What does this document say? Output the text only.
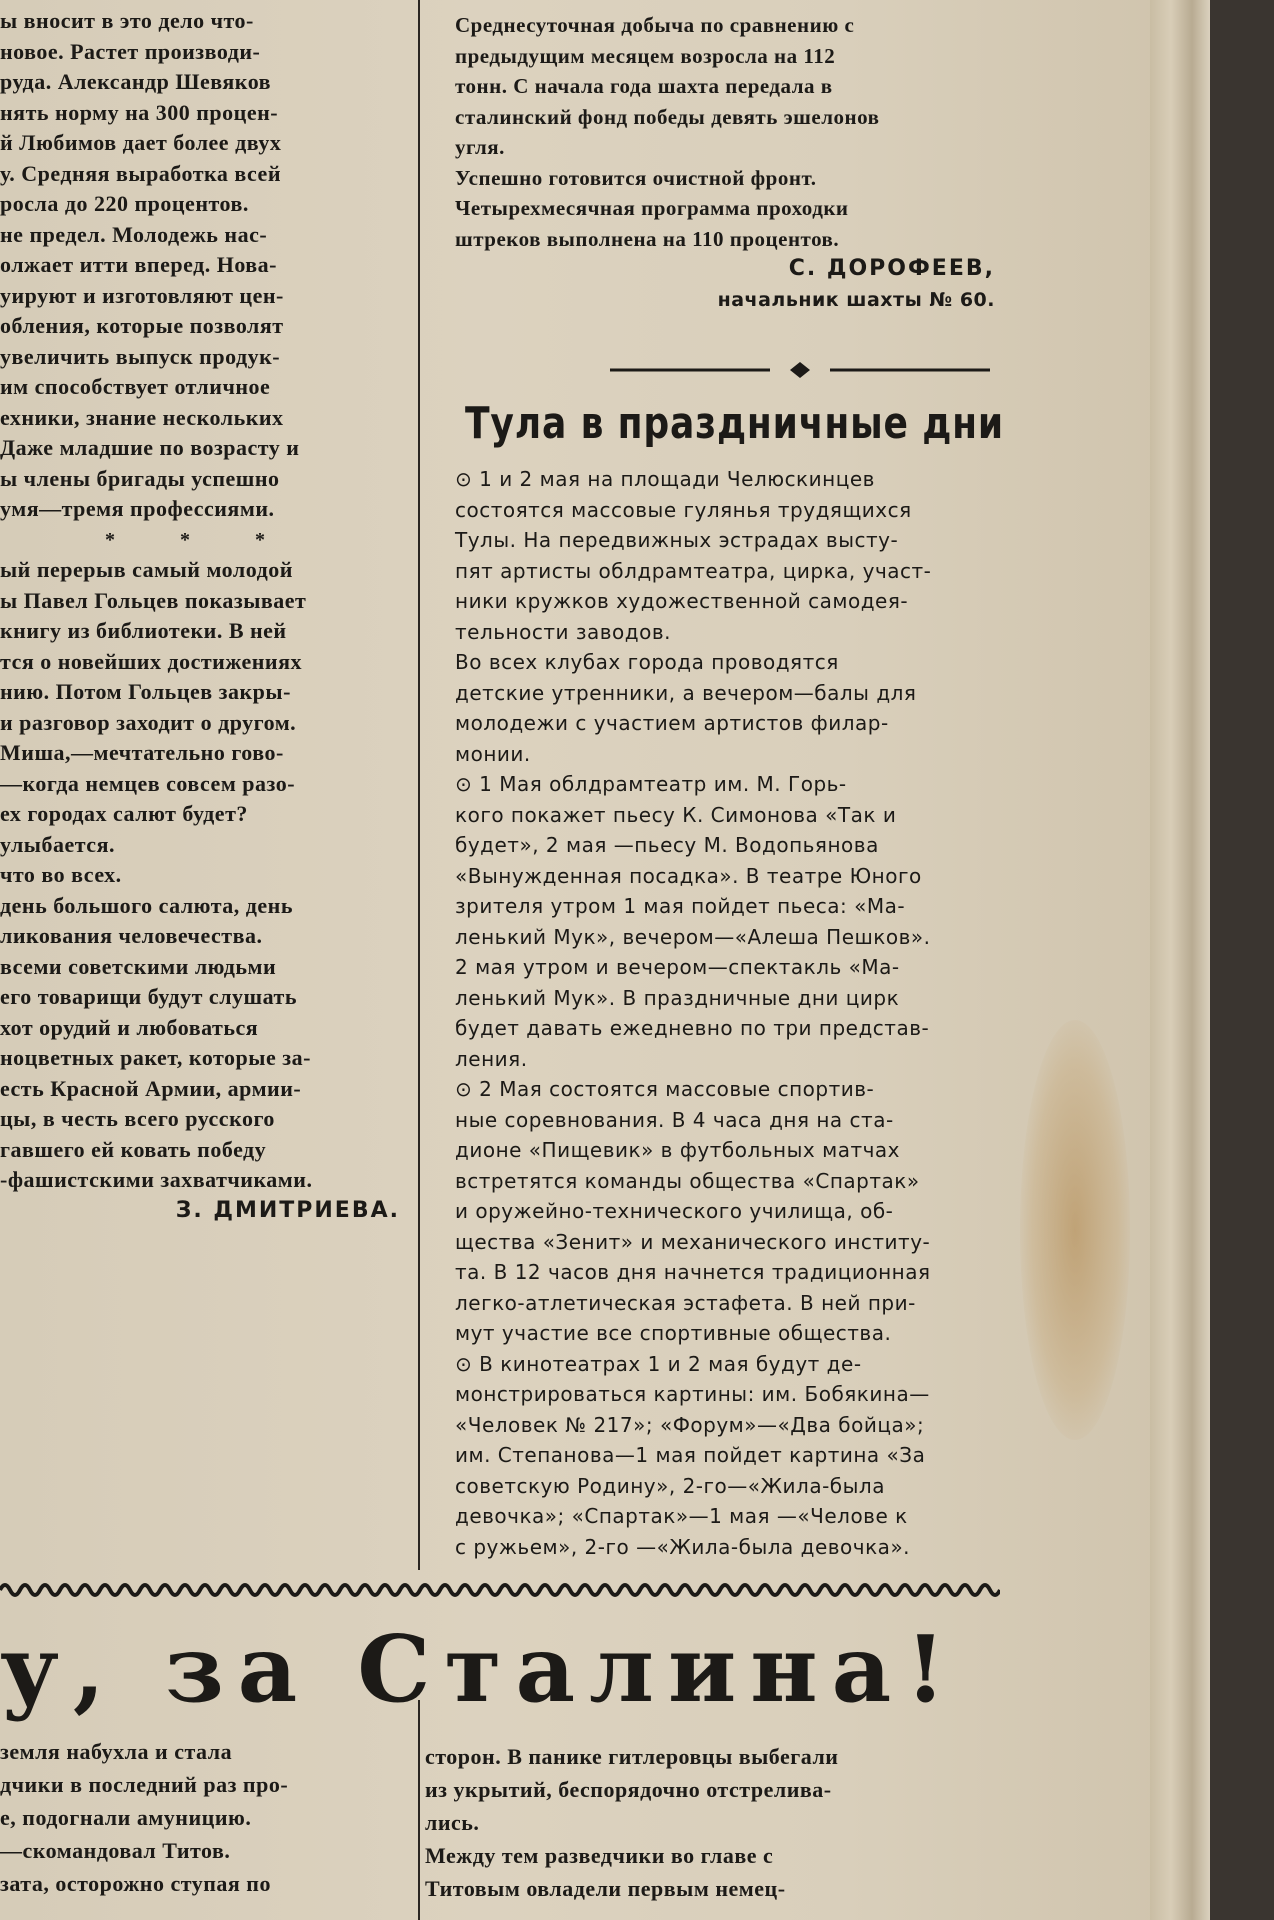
ы вносит в это дело что-

новое. Растет производи-

руда. Александр Шевяков

нять норму на 300 процен-

й Любимов дает более двух

у. Средняя выработка всей

росла до 220 процентов.

не предел. Молодежь нас-

олжает итти вперед. Нова-

уируют и изготовляют цен-

обления, которые позволят

увеличить выпуск продук-

им способствует отличное

ехники, знание нескольких

Даже младшие по возрасту и

ы члены бригады успешно

умя—тремя профессиями.

* * *

ый перерыв самый молодой

ы Павел Гольцев показывает

книгу из библиотеки. В ней

тся о новейших достижениях

нию. Потом Гольцев закры-

и разговор заходит о другом.

Миша,—мечтательно гово-

—когда немцев совсем разо-

ех городах салют будет?

улыбается.

что во всех.

день большого салюта, день

ликования человечества.

всеми советскими людьми

его товарищи будут слушать

хот орудий и любоваться

ноцветных ракет, которые за-

есть Красной Армии, армии-

цы, в честь всего русского

гавшего ей ковать победу

-фашистскими захватчиками.

З. ДМИТРИЕВА.

Среднесуточная добыча по сравнению с

предыдущим месяцем возросла на 112

тонн. С начала года шахта передала в

сталинский фонд победы девять эшелонов

угля.

Успешно готовится очистной фронт.

Четырехмесячная программа проходки

штреков выполнена на 110 процентов.

С. ДОРОФЕЕВ,

начальник шахты № 60.

Тула в праздничные дни

⊙ 1 и 2 мая на площади Челюскинцев

состоятся массовые гулянья трудящихся

Тулы. На передвижных эстрадах высту-

пят артисты облдрамтеатра, цирка, участ-

ники кружков художественной самодея-

тельности заводов.

Во всех клубах города проводятся

детские утренники, а вечером—балы для

молодежи с участием артистов филар-

монии.

⊙ 1 Мая облдрамтеатр им. М. Горь-

кого покажет пьесу К. Симонова «Так и

будет», 2 мая —пьесу М. Водопьянова

«Вынужденная посадка». В театре Юного

зрителя утром 1 мая пойдет пьеса: «Ма-

ленький Мук», вечером—«Алеша Пешков».

2 мая утром и вечером—спектакль «Ма-

ленький Мук». В праздничные дни цирк

будет давать ежедневно по три представ-

ления.

⊙ 2 Мая состоятся массовые спортив-

ные соревнования. В 4 часа дня на ста-

дионе «Пищевик» в футбольных матчах

встретятся команды общества «Спартак»

и оружейно-технического училища, об-

щества «Зенит» и механического институ-

та. В 12 часов дня начнется традиционная

легко-атлетическая эстафета. В ней при-

мут участие все спортивные общества.

⊙ В кинотеатрах 1 и 2 мая будут де-

монстрироваться картины: им. Бобякина—

«Человек № 217»; «Форум»—«Два бойца»;

им. Степанова—1 мая пойдет картина «За

советскую Родину», 2-го—«Жила-была

девочка»; «Спартак»—1 мая —«Челове к

с ружьем», 2-го —«Жила-была девочка».

у, за Сталина!

земля набухла и стала

дчики в последний раз про-

е, подогнали амуницию.

—скомандовал Титов.

зата, осторожно ступая по

сторон. В панике гитлеровцы выбегали

из укрытий, беспорядочно отстрелива-

лись.

Между тем разведчики во главе с

Титовым овладели первым немец-
